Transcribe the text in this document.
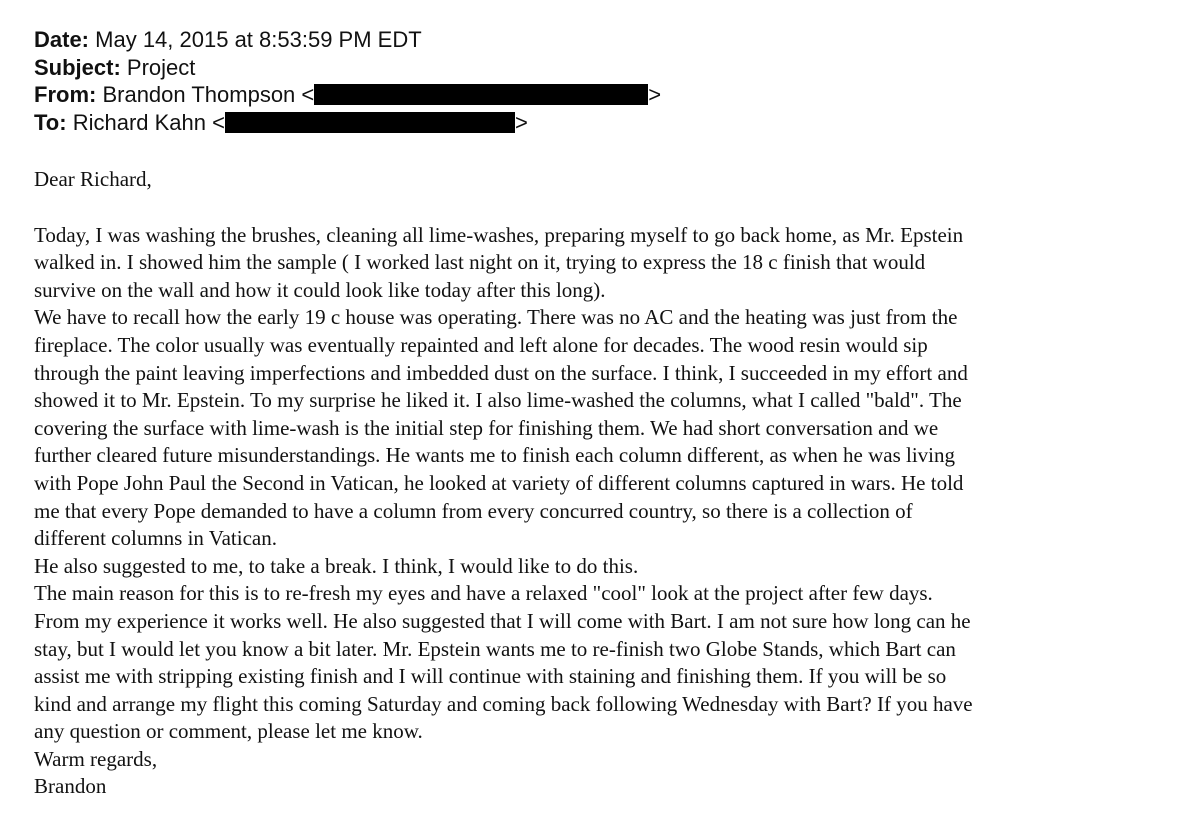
Date: May 14, 2015 at 8:53:59 PM EDT
Subject: Project
From: Brandon Thompson <	>
To: Richard Kahn <	>
Dear Richard,
Today, I was washing the brushes, cleaning all lime-washes, preparing myself to go back home, as Mr. Epstein
walked in. I showed him the sample ( I worked last night on it, trying to express the 18 c finish that would
survive on the wall and how it could look like today after this long).
We have to recall how the early 19 c house was operating. There was no AC and the heating was just from the
fireplace. The color usually was eventually repainted and left alone for decades. The wood resin would sip
through the paint leaving imperfections and imbedded dust on the surface. I think, I succeeded in my effort and
showed it to Mr. Epstein. To my surprise he liked it. I also lime-washed the columns, what I called "bald". The
covering the surface with lime-wash is the initial step for finishing them. We had short conversation and we
further cleared future misunderstandings. He wants me to finish each column different, as when he was living
with Pope John Paul the Second in Vatican, he looked at variety of different columns captured in wars. He told
me that every Pope demanded to have a column from every concurred country, so there is a collection of
different columns in Vatican.
He also suggested to me, to take a break. I think, I would like to do this.
The main reason for this is to re-fresh my eyes and have a relaxed "cool" look at the project after few days.
From my experience it works well. He also suggested that I will come with Bart. I am not sure how long can he
stay, but I would let you know a bit later. Mr. Epstein wants me to re-finish two Globe Stands, which Bart can
assist me with stripping existing finish and I will continue with staining and finishing them. If you will be so
kind and arrange my flight this coming Saturday and coming back following Wednesday with Bart? If you have
any question or comment, please let me know.
Warm regards,
Brandon
